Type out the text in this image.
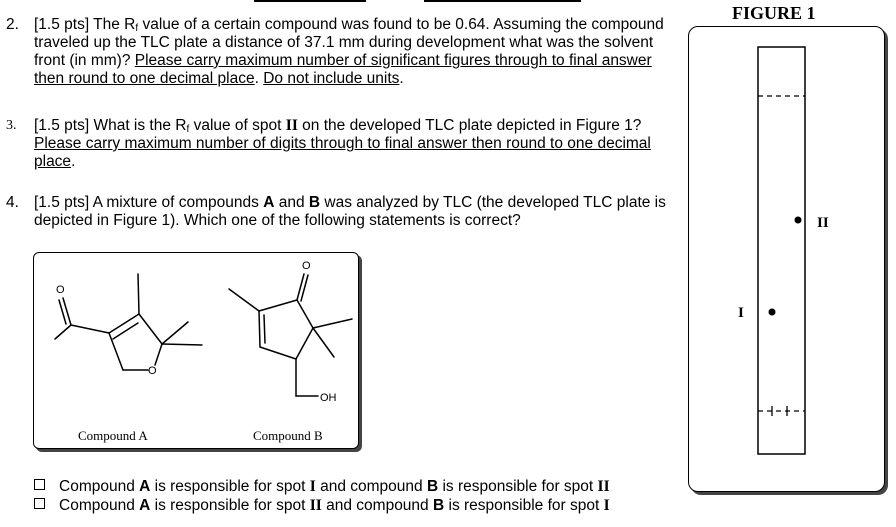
2. [1.5 pts] The $R_f$ value of a certain compound was found to be 0.64. Assuming the compound traveled up the TLC plate a distance of 37.1 mm during development what was the solvent front (in mm)? Please carry maximum number of significant figures through to final answer then round to one decimal place. Do not include units.
3. [1.5 pts] What is the $R_f$ value of spot II on the developed TLC plate depicted in Figure 1? Please carry maximum number of digits through to final answer then round to one decimal place.
4. [1.5 pts] A mixture of compounds A and B was analyzed by TLC (the developed TLC plate is depicted in Figure 1). Which one of the following statements is correct?
O
O
O
OH
Compound A	Compound B
Compound A is responsible for spot I and compound B is responsible for spot II
Compound A is responsible for spot II and compound B is responsible for spot I
FIGURE 1
I
II
